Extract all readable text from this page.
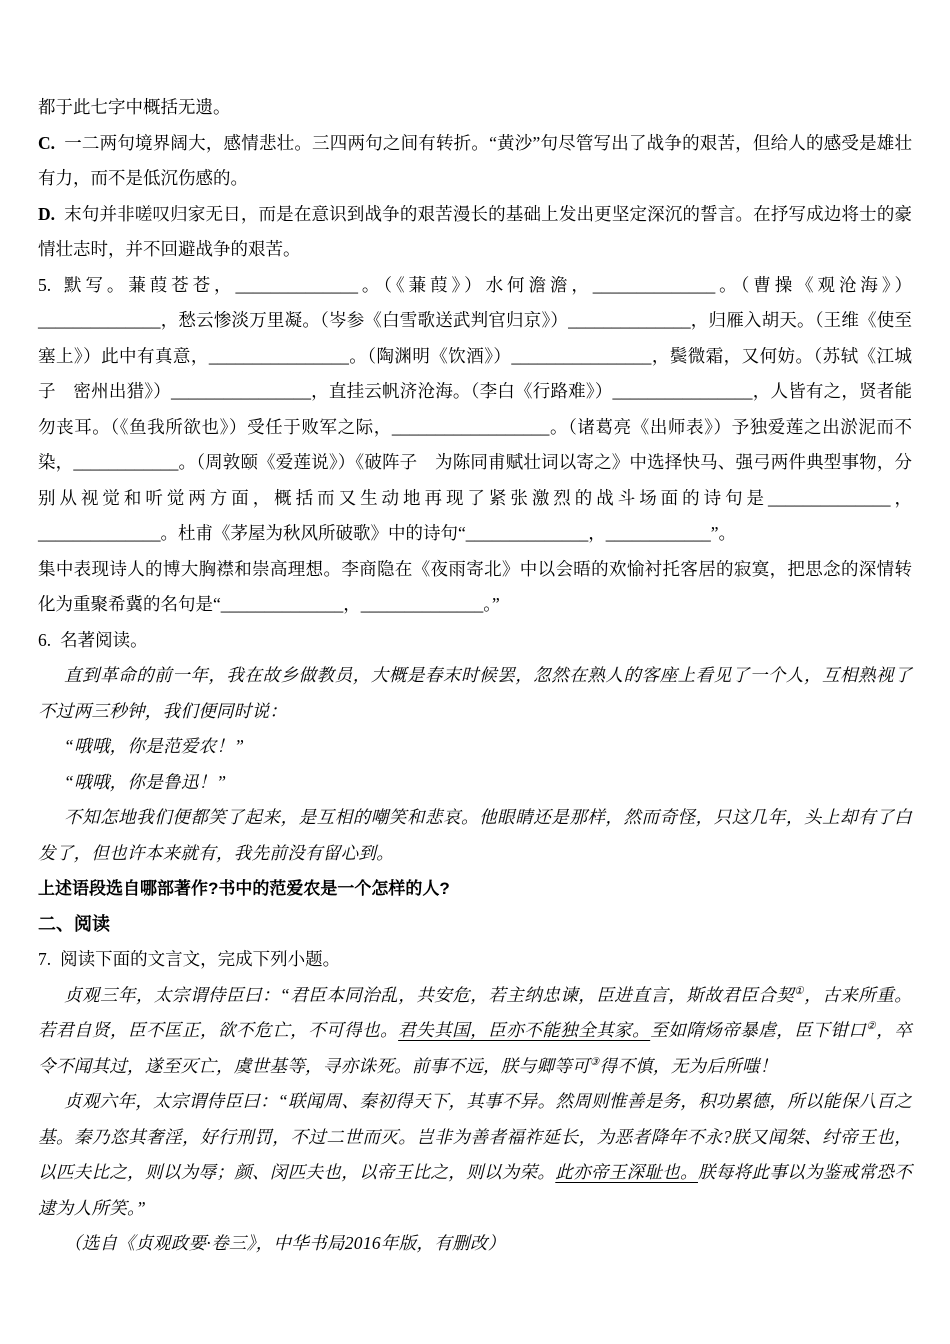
都于此七字中概括无遗。

C. 一二两句境界阔大，感情悲壮。三四两句之间有转折。“黄沙”句尽管写出了战争的艰苦，但给人的感受是雄壮有力，而不是低沉伤感的。

D. 末句并非嗟叹归家无日，而是在意识到战争的艰苦漫长的基础上发出更坚定深沉的誓言。在抒写成边将士的豪情壮志时，并不回避战争的艰苦。

5. 默写。蒹葭苍苍，______________。（《蒹葭》）水何澹澹，______________。（曹操《观沧海》）______________，愁云惨淡万里凝。（岑参《白雪歌送武判官归京》）______________，归雁入胡天。（王维《使至塞上》）此中有真意，________________。（陶渊明《饮酒》）________________，鬓微霜，又何妨。（苏轼《江城子　密州出猎》）________________，直挂云帆济沧海。（李白《行路难》）________________，人皆有之，贤者能勿丧耳。（《鱼我所欲也》）受任于败军之际，__________________。（诸葛亮《出师表》）予独爱莲之出淤泥而不染，____________。（周敦颐《爱莲说》）《破阵子　为陈同甫赋壮词以寄之》中选择快马、强弓两件典型事物，分别从视觉和听觉两方面，概括而又生动地再现了紧张激烈的战斗场面的诗句是______________，______________。杜甫《茅屋为秋风所破歌》中的诗句“______________，____________”。

集中表现诗人的博大胸襟和崇高理想。李商隐在《夜雨寄北》中以会晤的欢愉衬托客居的寂寞，把思念的深情转化为重聚希冀的名句是“______________，______________。”

6. 名著阅读。

直到革命的前一年，我在故乡做教员，大概是春末时候罢，忽然在熟人的客座上看见了一个人，互相熟视了不过两三秒钟，我们便同时说：

“哦哦，你是范爱农！”

“哦哦，你是鲁迅！”

不知怎地我们便都笑了起来，是互相的嘲笑和悲哀。他眼睛还是那样，然而奇怪，只这几年，头上却有了白发了，但也许本来就有，我先前没有留心到。

上述语段选自哪部著作?书中的范爱农是一个怎样的人?

二、阅读

7. 阅读下面的文言文，完成下列小题。

贞观三年，太宗谓侍臣曰：“君臣本同治乱，共安危，若主纳忠谏，臣进直言，斯故君臣合契①，古来所重。若君自贤，臣不匡正，欲不危亡，不可得也。君失其国，臣亦不能独全其家。至如隋炀帝暴虐，臣下钳口②，卒令不闻其过，遂至灭亡，虞世基等，寻亦诛死。前事不远，朕与卿等可③得不慎，无为后所嗤！

贞观六年，太宗谓侍臣曰：“联闻周、秦初得天下，其事不异。然周则惟善是务，积功累德，所以能保八百之基。秦乃恣其奢淫，好行刑罚，不过二世而灭。岂非为善者福祚延长，为恶者降年不永?朕又闻桀、纣帝王也，以匹夫比之，则以为辱；颜、闵匹夫也，以帝王比之，则以为荣。此亦帝王深耻也。朕每将此事以为鉴戒常恐不逮为人所笑。”

（选自《贞观政要·卷三》，中华书局2016年版，有删改）
